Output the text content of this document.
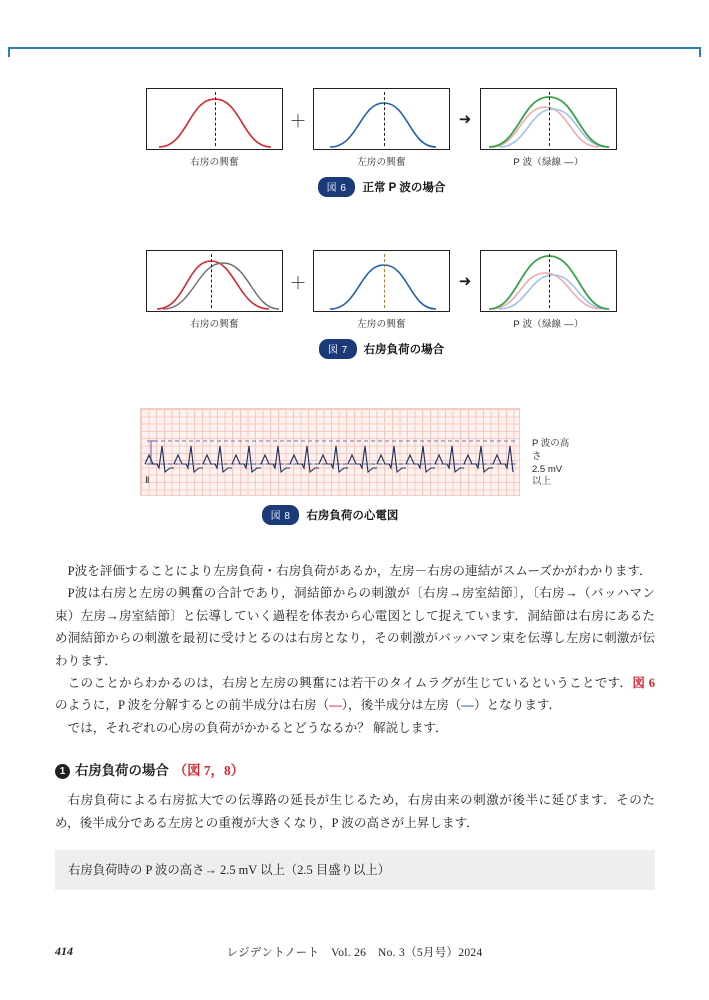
右房の興奮
＋
左房の興奮
➜
P 波（緑線 ―）
図 6	正常 P 波の場合
右房の興奮
＋
左房の興奮
➜
P 波（緑線 ―）
図 7	右房負荷の場合
Ⅱ
P 波の高さ
2.5 mV 以上
図 8	右房負荷の心電図

P波を評価することにより左房負荷・右房負荷があるか，左房－右房の連結がスムーズかがわかります．

P波は右房と左房の興奮の合計であり，洞結節からの刺激が〔右房→房室結節〕，〔右房→（バッハマン束）左房→房室結節〕と伝導していく過程を体表から心電図として捉えています．洞結節は右房にあるため洞結節からの刺激を最初に受けとるのは右房となり，その刺激がバッハマン束を伝導し左房に刺激が伝わります．

このことからわかるのは，右房と左房の興奮には若干のタイムラグが生じているということです．図 6のように，P 波を分解するとの前半成分は右房（―），後半成分は左房（―）となります．

では，それぞれの心房の負荷がかかるとどうなるか？ 解説します．

1 右房負荷の場合 （図 7，8）

右房負荷による右房拡大での伝導路の延長が生じるため，右房由来の刺激が後半に延びます．そのため，後半成分である左房との重複が大きくなり，P 波の高さが上昇します．

右房負荷時の P 波の高さ→ 2.5 mV 以上（2.5 目盛り以上）
414	レジデントノート　Vol. 26　No. 3（5月号）2024
